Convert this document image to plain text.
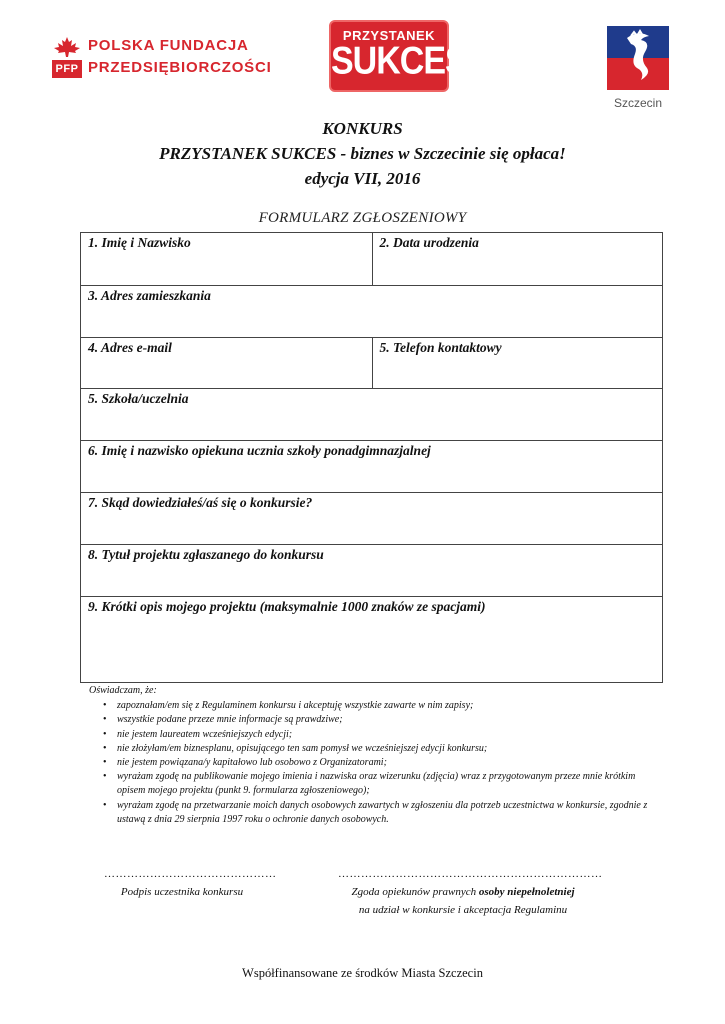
PFP
POLSKA FUNDACJA
PRZEDSIĘBIORCZOŚCI
PRZYSTANEK
SUKCES
Szczecin
KONKURS
PRZYSTANEK SUKCES - biznes w Szczecinie się opłaca!
edycja VII, 2016
FORMULARZ ZGŁOSZENIOWY
1. Imię i Nazwisko	2. Data urodzenia
3. Adres zamieszkania
4. Adres e-mail	5. Telefon kontaktowy
5. Szkoła/uczelnia
6. Imię i nazwisko opiekuna ucznia szkoły ponadgimnazjalnej
7. Skąd dowiedziałeś/aś się o konkursie?
8. Tytuł projektu zgłaszanego do konkursu
9. Krótki opis mojego projektu (maksymalnie 1000 znaków ze spacjami)
Oświadczam, że:
• zapoznałam/em się z Regulaminem konkursu i akceptuję wszystkie zawarte w nim zapisy;
• wszystkie podane przeze mnie informacje są prawdziwe;
• nie jestem laureatem wcześniejszych edycji;
• nie złożyłam/em biznesplanu, opisującego ten sam pomysł we wcześniejszej edycji konkursu;
• nie jestem powiązana/y kapitałowo lub osobowo z Organizatorami;
• wyrażam zgodę na publikowanie mojego imienia i nazwiska oraz wizerunku (zdjęcia) wraz z przygotowanym przeze mnie krótkim opisem mojego projektu (punkt 9. formularza zgłoszeniowego);
• wyrażam zgodę na przetwarzanie moich danych osobowych zawartych w zgłoszeniu dla potrzeb uczestnictwa w konkursie, zgodnie z ustawą z dnia 29 sierpnia 1997 roku o ochronie danych osobowych.
………………………………………
Podpis uczestnika konkursu
……………………………………………………………
Zgoda opiekunów prawnych osoby niepełnoletniej
na udział w konkursie i akceptacja Regulaminu
Współfinansowane ze środków Miasta Szczecin
